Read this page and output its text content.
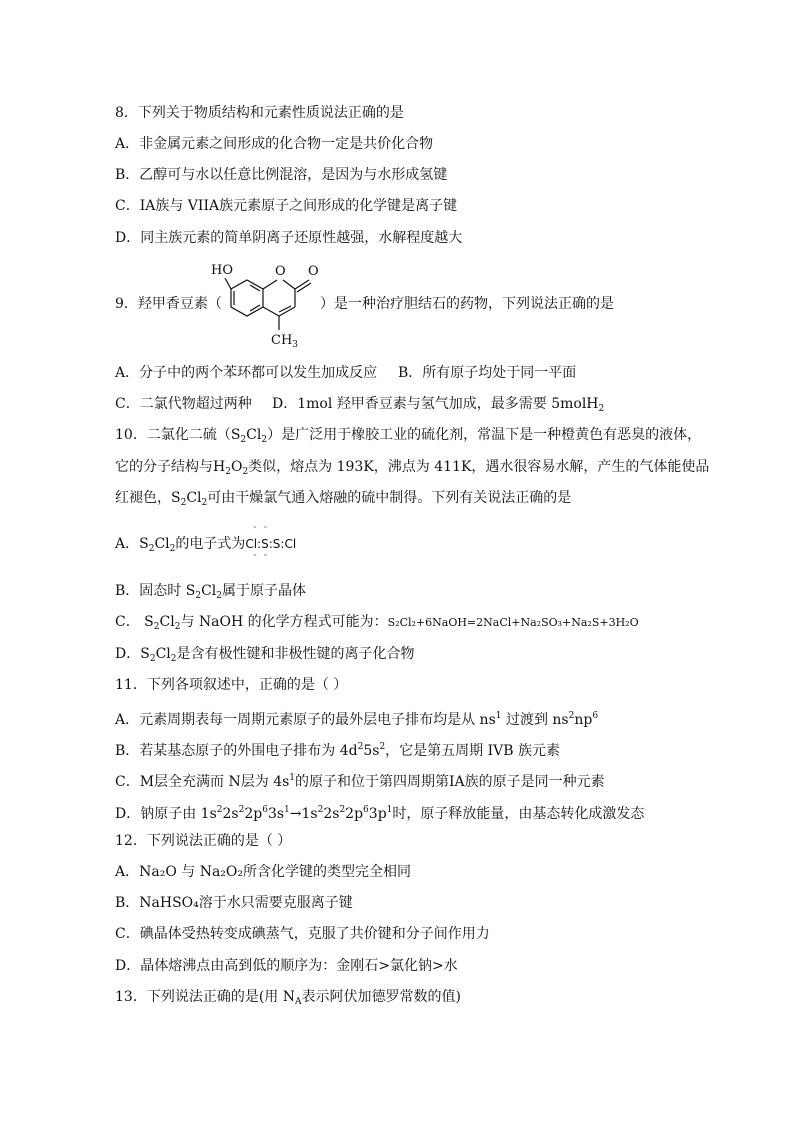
8．下列关于物质结构和元素性质说法正确的是
A．非金属元素之间形成的化合物一定是共价化合物
B．乙醇可与水以任意比例混溶，是因为与水形成氢键
C．IA族与 VIIA族元素原子之间形成的化学键是离子键
D．同主族元素的简单阴离子还原性越强，水解程度越大
9．羟甲香豆素（
HO	O O
$CH_3$
）是一种治疗胆结石的药物，下列说法正确的是
A．分子中的两个苯环都可以发生加成反应 B．所有原子均处于同一平面
C．二氯代物超过两种 D．1mol 羟甲香豆素与氢气加成，最多需要 5molH$_2$
10．二氯化二硫$(S_2Cl_2)$是广泛用于橡胶工业的硫化剂，常温下是一种橙黄色有恶臭的液体，
它的分子结构与$H_2O_2$类似，熔点为 193K，沸点为 411K，遇水很容易水解，产生的气体能使品
红褪色，$S_2Cl_2$可由干燥氯气通入熔融的硫中制得。下列有关说法正确的是
A．$S_2Cl_2$的电子式为Cl:S:S:Cl
¨ ¨
¨ ¨
B．固态时 $S_2Cl_2$属于原子晶体
C． $S_2Cl_2$与 NaOH 的化学方程式可能为：S₂Cl₂+6NaOH=2NaCl+Na₂SO₃+Na₂S+3H₂O
D．$S_2Cl_2$是含有极性键和非极性键的离子化合物
11．下列各项叙述中，正确的是（ ）
A．元素周期表每一周期元素原子的最外层电子排布均是从 $ns^1$ 过渡到 $ns^2np^6$
B．若某基态原子的外围电子排布为 $4d^25s^2$，它是第五周期 IVB 族元素
C．M层全充满而 N层为 $4s^1$的原子和位于第四周期第ⅠA族的原子是同一种元素
D．钠原子由 $1s^22s^22p^63s^1\to 1s^22s^22p^63p^1$时，原子释放能量，由基态转化成激发态
12．下列说法正确的是（ ）
A．Na₂O 与 Na₂O₂所含化学键的类型完全相同
B．NaHSO₄溶于水只需要克服离子键
C．碘晶体受热转变成碘蒸气，克服了共价键和分子间作用力
D．晶体熔沸点由高到低的顺序为：金刚石>氯化钠>水
13．下列说法正确的是(用 $N_A$表示阿伏加德罗常数的值)
